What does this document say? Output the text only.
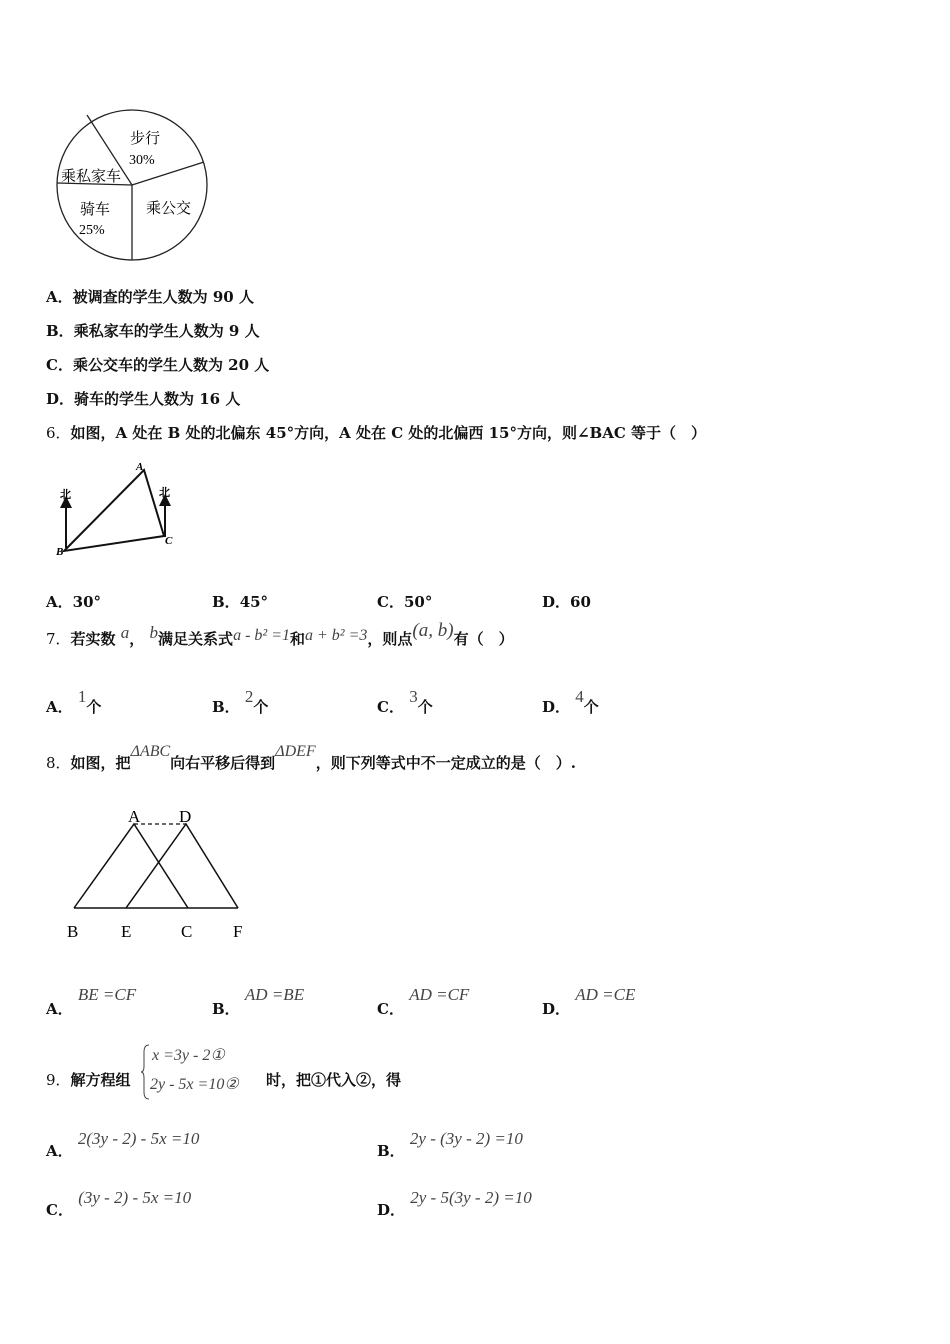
步行
30%
乘私家车
骑车
25%
乘公交
A．被调查的学生人数为 90 人
B．乘私家车的学生人数为 9 人
C．乘公交车的学生人数为 20 人
D．骑车的学生人数为 16 人
6．如图，A 处在 B 处的北偏东 45°方向，A 处在 C 处的北偏西 15°方向，则∠BAC 等于（　）
北	北
A
B
C
A．30°	B．45°	C．50°	D．60
7．若实数 a， b满足关系式a - b² =1和a + b² =3，则点(a, b)有（　）
A． 1个	B． 2个	C． 3个	D． 4个
8．如图，把ΔABC向右平移后得到ΔDEF，则下列等式中不一定成立的是（　）.
A D
B	E	C F
A． BE =CF
B． AD =BE
C． AD =CF
D． AD =CE
9．解方程组
x =3y - 2①
2y - 5x =10② 时，把①代入②，得
A． 2(3y - 2) - 5x =10
B． 2y - (3y - 2) =10
C． (3y - 2) - 5x =10
D． 2y - 5(3y - 2) =10
